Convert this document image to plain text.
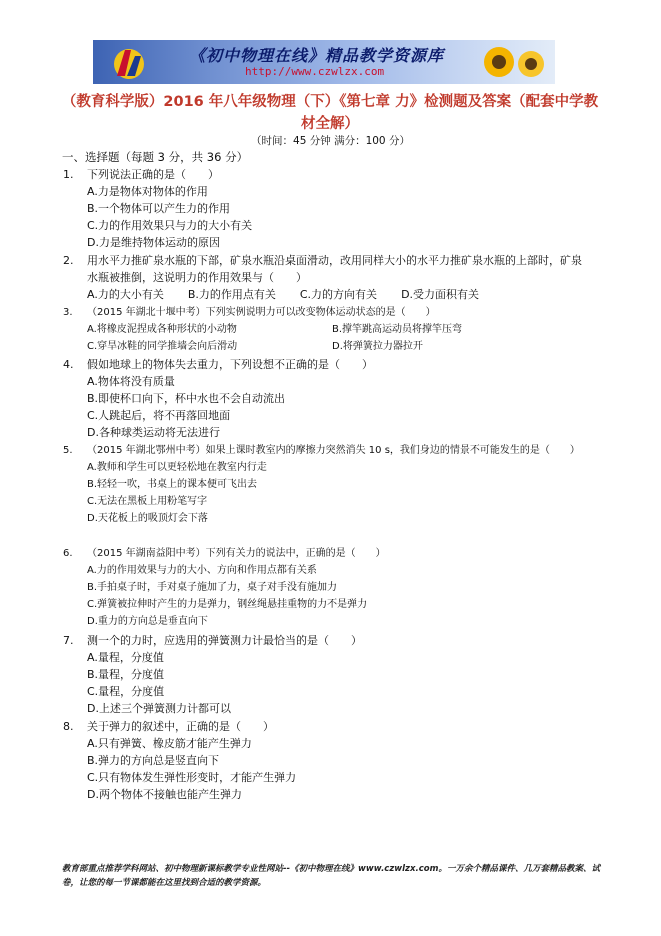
《初中物理在线》精品教学资源库
http://www.czwlzx.com
（教育科学版）2016 年八年级物理（下）《第七章 力》检测题及答案（配套中学教材全解）
（时间：45 分钟 满分：100 分）
一、选择题（每题 3 分，共 36 分）
1. 下列说法正确的是（　　）
A.力是物体对物体的作用
B.一个物体可以产生力的作用
C.力的作用效果只与力的大小有关
D.力是维持物体运动的原因
2. 用水平力推矿泉水瓶的下部，矿泉水瓶沿桌面滑动，改用同样大小的水平力推矿泉水瓶的上部时，矿泉水瓶被推倒，这说明力的作用效果与（　　）
A.力的大小有关 B.力的作用点有关 C.力的方向有关 D.受力面积有关
3. （2015 年湖北十堰中考）下列实例说明力可以改变物体运动状态的是（　　）
A.将橡皮泥捏成各种形状的小动物	B.撑竿跳高运动员将撑竿压弯
C.穿旱冰鞋的同学推墙会向后滑动	D.将弹簧拉力器拉开
4. 假如地球上的物体失去重力，下列设想不正确的是（　　）
A.物体将没有质量
B.即使杯口向下，杯中水也不会自动流出
C.人跳起后，将不再落回地面
D.各种球类运动将无法进行
5. （2015 年湖北鄂州中考）如果上课时教室内的摩擦力突然消失 10 s，我们身边的情景不可能发生的是（　　）
A.教师和学生可以更轻松地在教室内行走
B.轻轻一吹，书桌上的课本便可飞出去
C.无法在黑板上用粉笔写字
D.天花板上的吸顶灯会下落
6. （2015 年湖南益阳中考）下列有关力的说法中，正确的是（　　）
A.力的作用效果与力的大小、方向和作用点都有关系
B.手拍桌子时，手对桌子施加了力，桌子对手没有施加力
C.弹簧被拉伸时产生的力是弹力，钢丝绳悬挂重物的力不是弹力
D.重力的方向总是垂直向下
7. 测一个的力时，应选用的弹簧测力计最恰当的是（　　）
A.量程，分度值
B.量程，分度值
C.量程，分度值
D.上述三个弹簧测力计都可以
8. 关于弹力的叙述中，正确的是（　　）
A.只有弹簧、橡皮筋才能产生弹力
B.弹力的方向总是竖直向下
C.只有物体发生弹性形变时，才能产生弹力
D.两个物体不接触也能产生弹力
教育部重点推荐学科网站、初中物理新课标教学专业性网站--《初中物理在线》www.czwlzx.com。一万余个精品课件、几万套精品教案、试卷，让您的每一节课都能在这里找到合适的教学资源。
